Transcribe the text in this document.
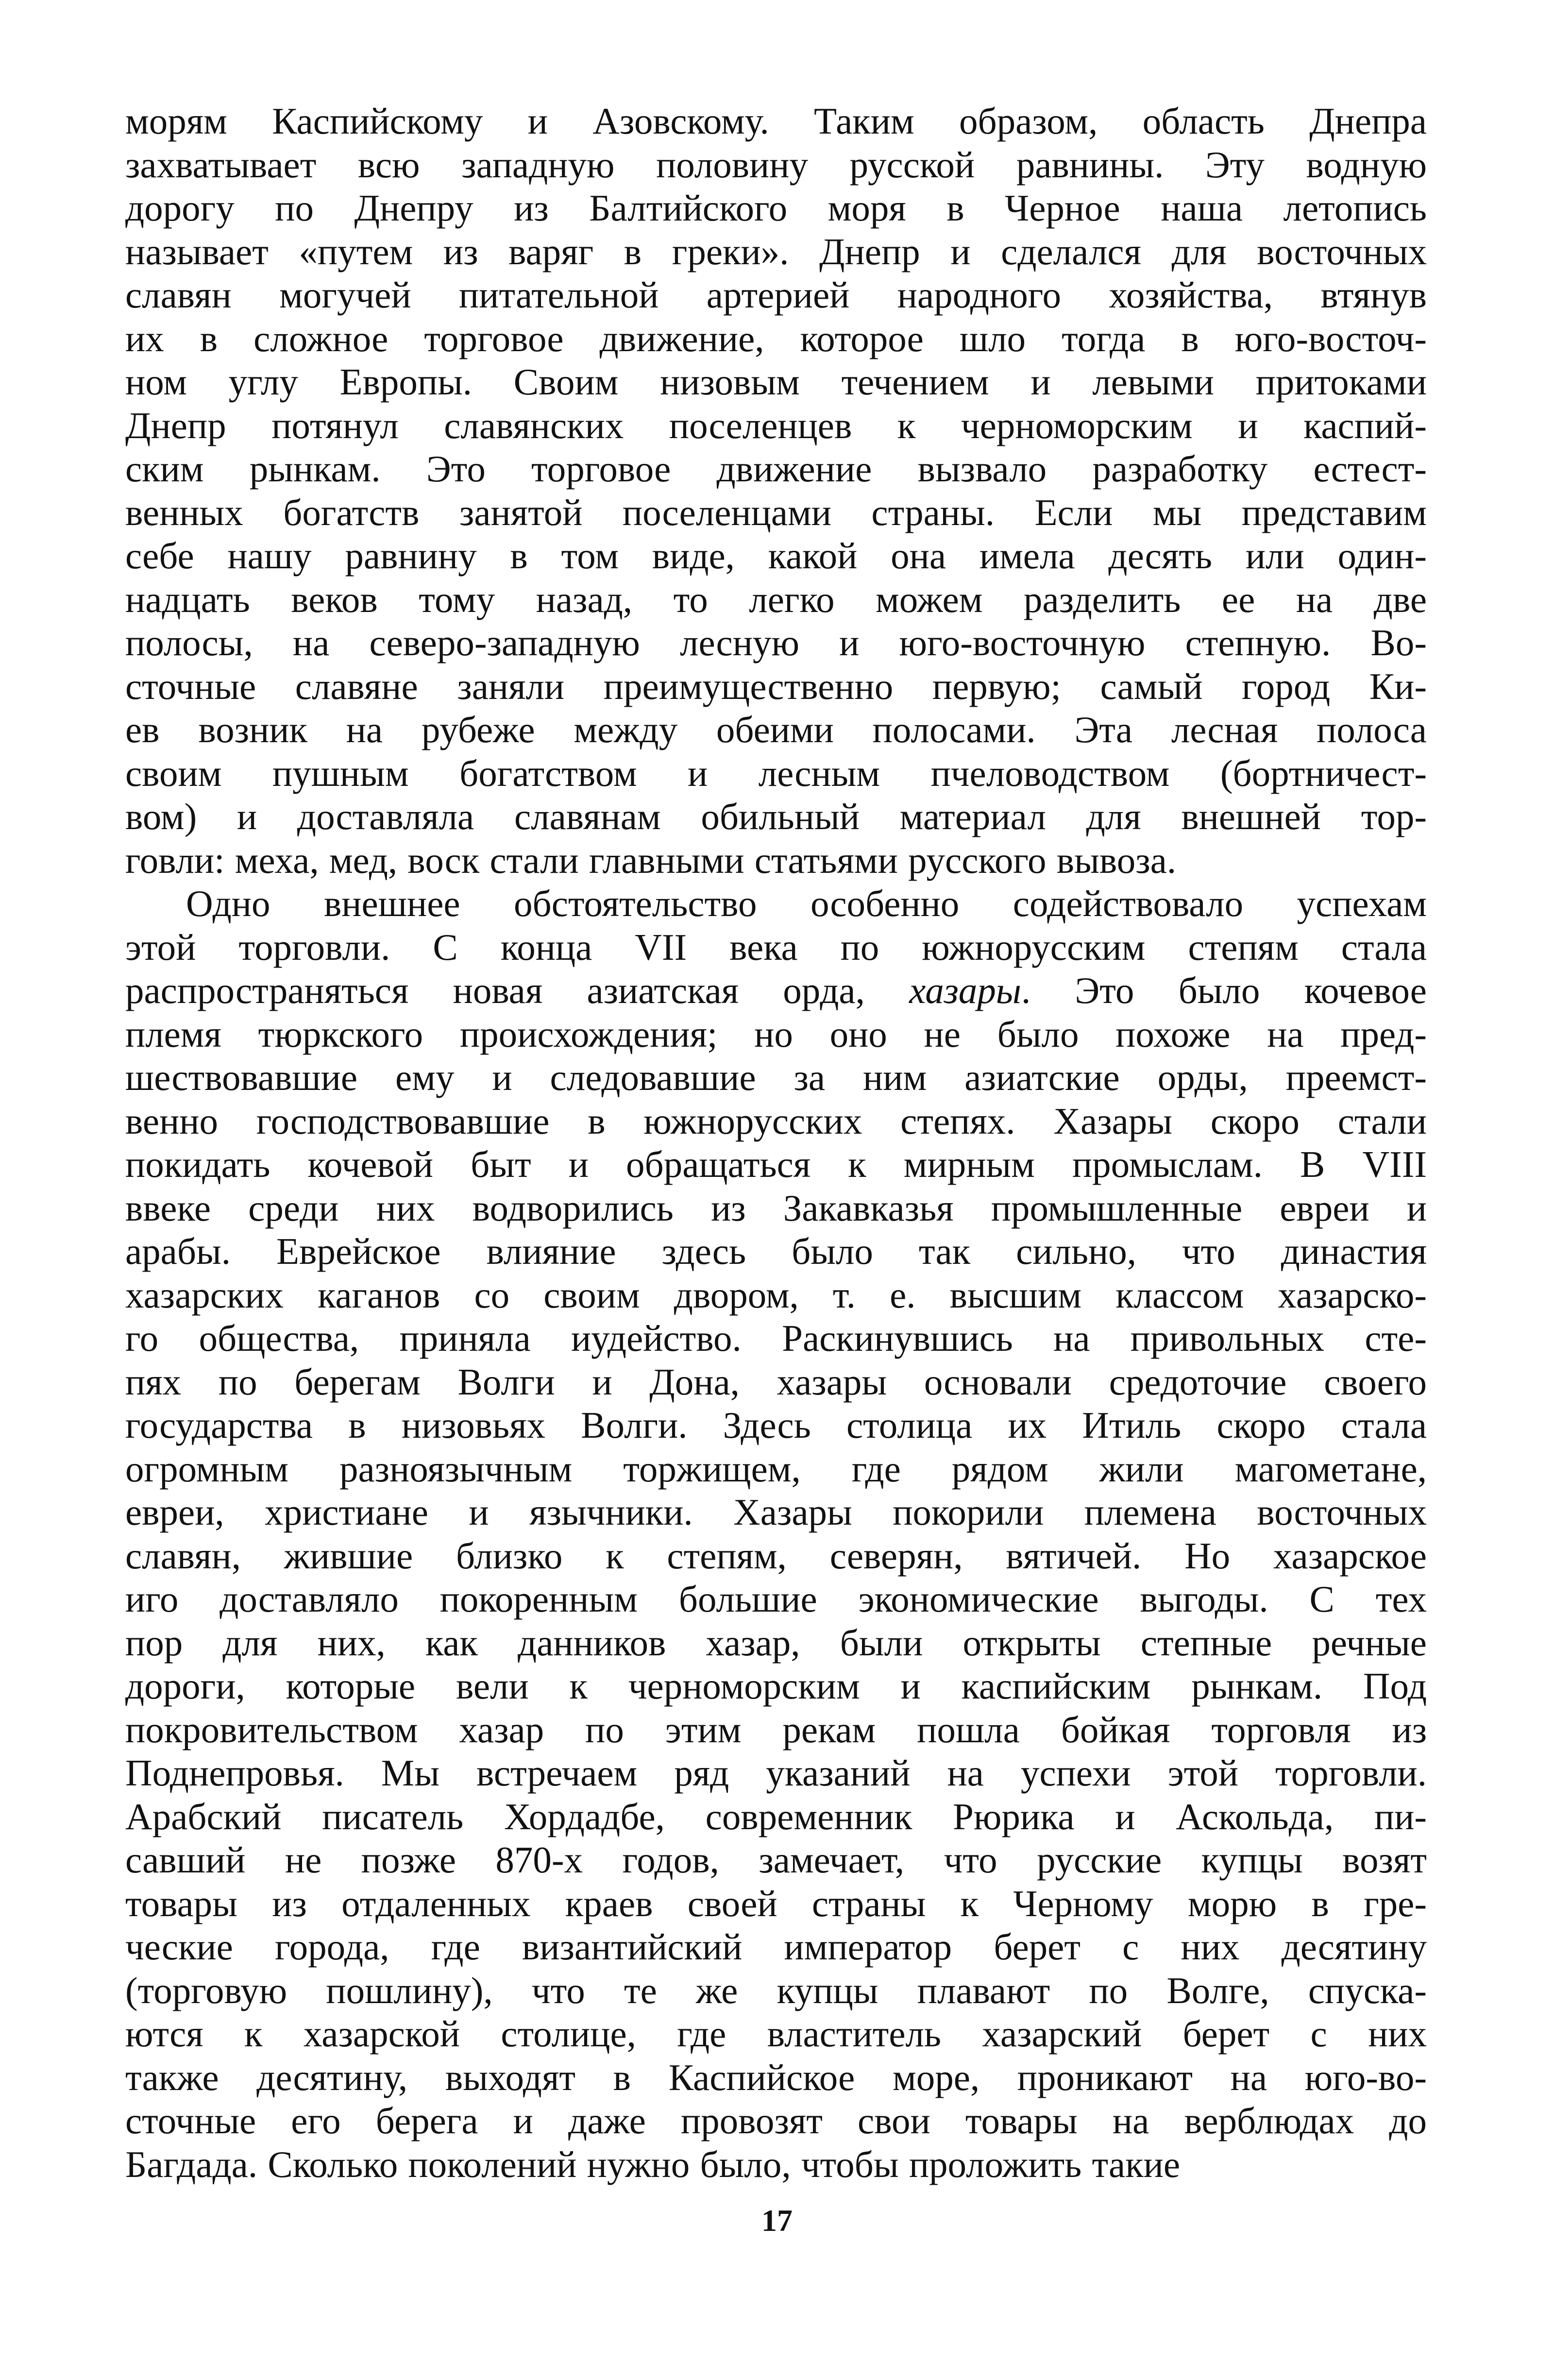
морям Каспийскому и Азовскому. Таким образом, область Днепра
захватывает всю западную половину русской равнины. Эту водную
дорогу по Днепру из Балтийского моря в Черное наша летопись
называет «путем из варяг в греки». Днепр и сделался для восточных
славян могучей питательной артерией народного хозяйства, втянув
их в сложное торговое движение, которое шло тогда в юго-восточ-
ном углу Европы. Своим низовым течением и левыми притоками
Днепр потянул славянских поселенцев к черноморским и каспий-
ским рынкам. Это торговое движение вызвало разработку естест-
венных богатств занятой поселенцами страны. Если мы представим
себе нашу равнину в том виде, какой она имела десять или один-
надцать веков тому назад, то легко можем разделить ее на две
полосы, на северо-западную лесную и юго-восточную степную. Во-
сточные славяне заняли преимущественно первую; самый город Ки-
ев возник на рубеже между обеими полосами. Эта лесная полоса
своим пушным богатством и лесным пчеловодством (бортничест-
вом) и доставляла славянам обильный материал для внешней тор-
говли: меха, мед, воск стали главными статьями русского вывоза.

Одно внешнее обстоятельство особенно содействовало успехам
этой торговли. С конца VII века по южнорусским степям стала
распространяться новая азиатская орда, хазары. Это было кочевое
племя тюркского происхождения; но оно не было похоже на пред-
шествовавшие ему и следовавшие за ним азиатские орды, преемст-
венно господствовавшие в южнорусских степях. Хазары скоро стали
покидать кочевой быт и обращаться к мирным промыслам. В VIII
ввеке среди них водворились из Закавказья промышленные евреи и
арабы. Еврейское влияние здесь было так сильно, что династия
хазарских каганов со своим двором, т. е. высшим классом хазарско-
го общества, приняла иудейство. Раскинувшись на привольных сте-
пях по берегам Волги и Дона, хазары основали средоточие своего
государства в низовьях Волги. Здесь столица их Итиль скоро стала
огромным разноязычным торжищем, где рядом жили магометане,
евреи, христиане и язычники. Хазары покорили племена восточных
славян, жившие близко к степям, северян, вятичей. Но хазарское
иго доставляло покоренным большие экономические выгоды. С тех
пор для них, как данников хазар, были открыты степные речные
дороги, которые вели к черноморским и каспийским рынкам. Под
покровительством хазар по этим рекам пошла бойкая торговля из
Поднепровья. Мы встречаем ряд указаний на успехи этой торговли.
Арабский писатель Хордадбе, современник Рюрика и Аскольда, пи-
савший не позже 870-х годов, замечает, что русские купцы возят
товары из отдаленных краев своей страны к Черному морю в гре-
ческие города, где византийский император берет с них десятину
(торговую пошлину), что те же купцы плавают по Волге, спуска-
ются к хазарской столице, где властитель хазарский берет с них
также десятину, выходят в Каспийское море, проникают на юго-во-
сточные его берега и даже провозят свои товары на верблюдах до
Багдада. Сколько поколений нужно было, чтобы проложить такие

17
